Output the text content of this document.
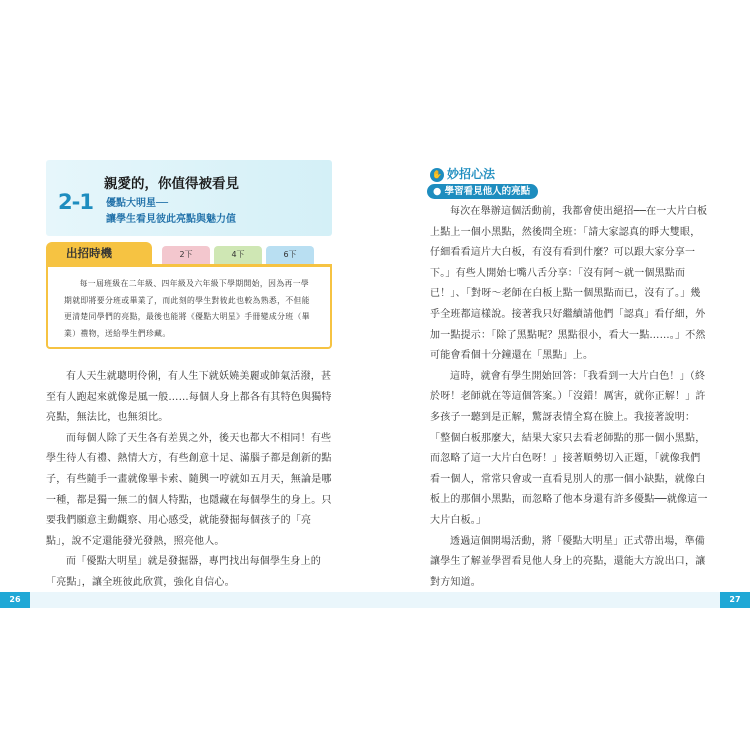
親愛的，你值得被看見
2-1 優點大明星──
讓學生看見彼此亮點與魅力值
出招時機	2下	4下	6下

每一屆班級在二年級、四年級及六年級下學期開始，因為再一學期就即將要分班或畢業了，而此刻的學生對彼此也較為熟悉，不但能更清楚同學們的亮點，最後也能將《優點大明星》手冊變成分班（畢業）禮物，送給學生們珍藏。

有人天生就聰明伶俐，有人生下就妖嬈美麗或帥氣活潑，甚至有人跑起來就像是風一般……每個人身上都各有其特色與獨特亮點，無法比，也無須比。

而每個人除了天生各有差異之外，後天也都大不相同！有些學生待人有禮、熱情大方，有些創意十足、滿腦子都是創新的點子，有些隨手一畫就像畢卡索、隨興一哼就如五月天，無論是哪一種，都是獨一無二的個人特點，也隱藏在每個學生的身上。只要我們願意主動觀察、用心感受，就能發掘每個孩子的「亮點」，說不定還能發光發熱，照亮他人。

而「優點大明星」就是發掘器，專門找出每個學生身上的「亮點」，讓全班彼此欣賞，強化自信心。

✋ 妙招心法
● 學習看見他人的亮點

每次在舉辦這個活動前，我都會使出絕招──在一大片白板上點上一個小黑點，然後問全班：「請大家認真的睜大雙眼，仔細看看這片大白板，有沒有看到什麼？可以跟大家分享一下。」有些人開始七嘴八舌分享：「沒有阿～就一個黑點而已！」、「對呀～老師在白板上點一個黑點而已，沒有了。」幾乎全班都這樣說。接著我只好繼續請他們「認真」看仔細，外加一點提示：「除了黑點呢？黑點很小，看大一點……。」不然可能會看個十分鐘還在「黑點」上。

這時，就會有學生開始回答：「我看到一大片白色！」（終於呀！老師就在等這個答案。）「沒錯！厲害，就你正解！」許多孩子一聽到是正解，驚訝表情全寫在臉上。我接著說明：「整個白板那麼大，結果大家只去看老師點的那一個小黑點，而忽略了這一大片白色呀！」接著順勢切入正題，「就像我們看一個人，常常只會或一直看見別人的那一個小缺點，就像白板上的那個小黑點，而忽略了他本身還有許多優點──就像這一大片白板。」

透過這個開場活動，將「優點大明星」正式帶出場，準備讓學生了解並學習看見他人身上的亮點，還能大方說出口，讓對方知道。

26	27
